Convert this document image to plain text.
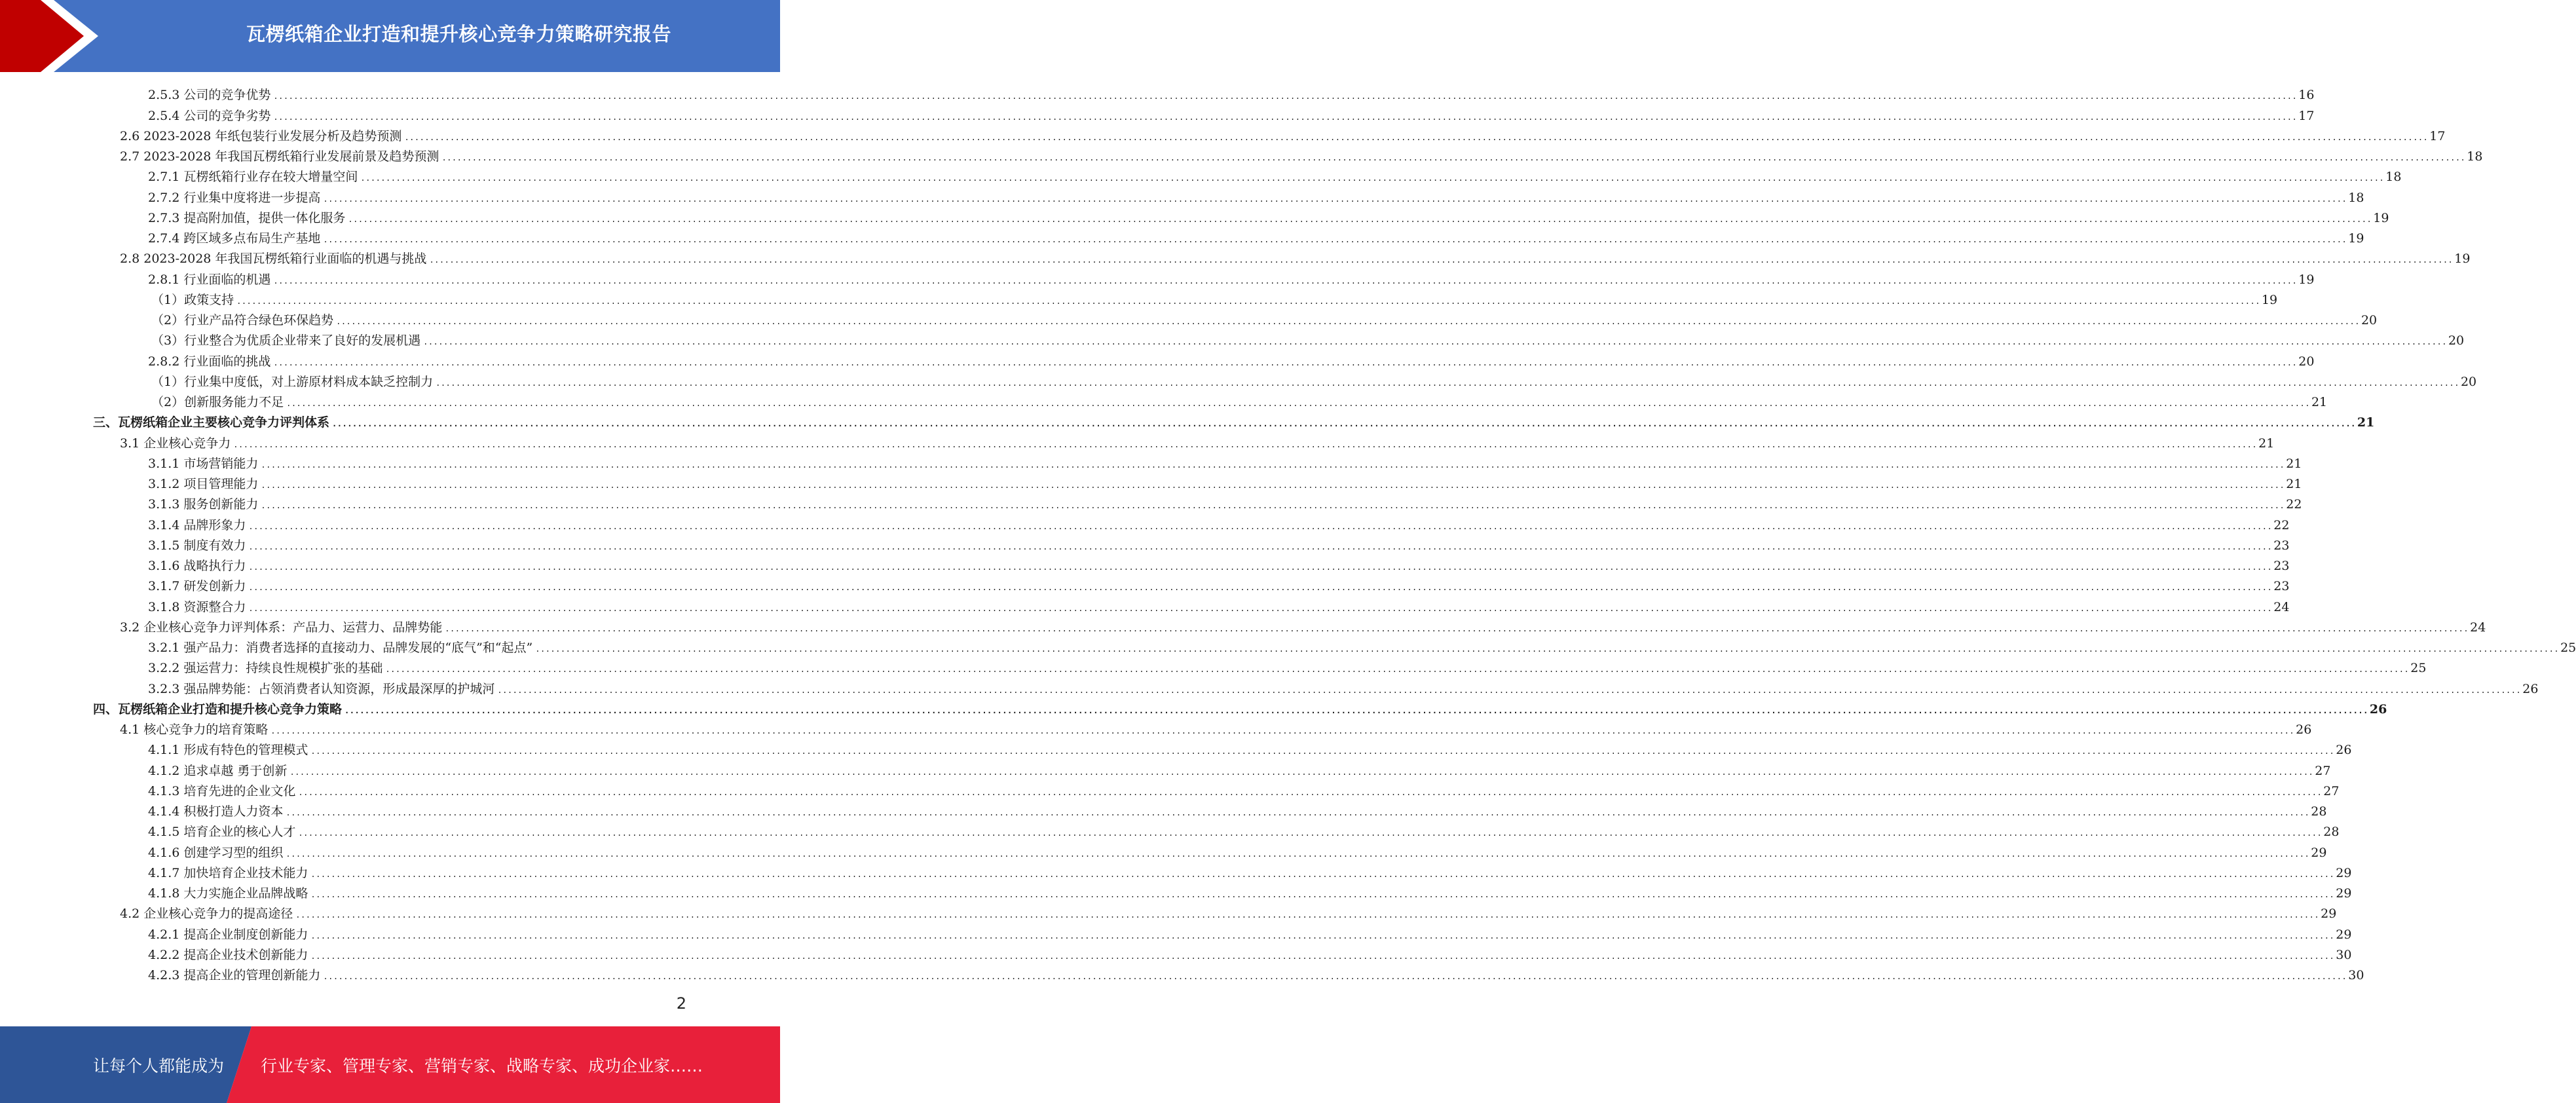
瓦楞纸箱企业打造和提升核心竞争力策略研究报告
2.5.3 公司的竞争优势 ................................................................................................................................................................................................................................................................................................................................................................................................................ 16
2.5.4 公司的竞争劣势 ................................................................................................................................................................................................................................................................................................................................................................................................................ 17
2.6 2023-2028 年纸包装行业发展分析及趋势预测 ................................................................................................................................................................................................................................................................................................................................................................................................................ 17
2.7 2023-2028 年我国瓦楞纸箱行业发展前景及趋势预测 ................................................................................................................................................................................................................................................................................................................................................................................................................ 18
2.7.1 瓦楞纸箱行业存在较大增量空间 ................................................................................................................................................................................................................................................................................................................................................................................................................ 18
2.7.2 行业集中度将进一步提高 ................................................................................................................................................................................................................................................................................................................................................................................................................ 18
2.7.3 提高附加值，提供一体化服务 ................................................................................................................................................................................................................................................................................................................................................................................................................ 19
2.7.4 跨区域多点布局生产基地 ................................................................................................................................................................................................................................................................................................................................................................................................................ 19
2.8 2023-2028 年我国瓦楞纸箱行业面临的机遇与挑战 ................................................................................................................................................................................................................................................................................................................................................................................................................ 19
2.8.1 行业面临的机遇 ................................................................................................................................................................................................................................................................................................................................................................................................................ 19
（1）政策支持 ................................................................................................................................................................................................................................................................................................................................................................................................................ 19
（2）行业产品符合绿色环保趋势 ................................................................................................................................................................................................................................................................................................................................................................................................................ 20
（3）行业整合为优质企业带来了良好的发展机遇 ................................................................................................................................................................................................................................................................................................................................................................................................................ 20
2.8.2 行业面临的挑战 ................................................................................................................................................................................................................................................................................................................................................................................................................ 20
（1）行业集中度低，对上游原材料成本缺乏控制力 ................................................................................................................................................................................................................................................................................................................................................................................................................ 20
（2）创新服务能力不足 ................................................................................................................................................................................................................................................................................................................................................................................................................ 21
三、瓦楞纸箱企业主要核心竞争力评判体系 ................................................................................................................................................................................................................................................................................................................................................................................................................ 21
3.1 企业核心竞争力 ................................................................................................................................................................................................................................................................................................................................................................................................................ 21
3.1.1 市场营销能力 ................................................................................................................................................................................................................................................................................................................................................................................................................ 21
3.1.2 项目管理能力 ................................................................................................................................................................................................................................................................................................................................................................................................................ 21
3.1.3 服务创新能力 ................................................................................................................................................................................................................................................................................................................................................................................................................ 22
3.1.4 品牌形象力 ................................................................................................................................................................................................................................................................................................................................................................................................................ 22
3.1.5 制度有效力 ................................................................................................................................................................................................................................................................................................................................................................................................................ 23
3.1.6 战略执行力 ................................................................................................................................................................................................................................................................................................................................................................................................................ 23
3.1.7 研发创新力 ................................................................................................................................................................................................................................................................................................................................................................................................................ 23
3.1.8 资源整合力 ................................................................................................................................................................................................................................................................................................................................................................................................................ 24
3.2 企业核心竞争力评判体系：产品力、运营力、品牌势能 ................................................................................................................................................................................................................................................................................................................................................................................................................ 24
3.2.1 强产品力：消费者选择的直接动力、品牌发展的“底气”和“起点” ................................................................................................................................................................................................................................................................................................................................................................................................................ 25
3.2.2 强运营力：持续良性规模扩张的基础 ................................................................................................................................................................................................................................................................................................................................................................................................................ 25
3.2.3 强品牌势能：占领消费者认知资源，形成最深厚的护城河 ................................................................................................................................................................................................................................................................................................................................................................................................................ 26
四、瓦楞纸箱企业打造和提升核心竞争力策略 ................................................................................................................................................................................................................................................................................................................................................................................................................ 26
4.1 核心竞争力的培育策略 ................................................................................................................................................................................................................................................................................................................................................................................................................ 26
4.1.1 形成有特色的管理模式 ................................................................................................................................................................................................................................................................................................................................................................................................................ 26
4.1.2 追求卓越 勇于创新 ................................................................................................................................................................................................................................................................................................................................................................................................................ 27
4.1.3 培育先进的企业文化 ................................................................................................................................................................................................................................................................................................................................................................................................................ 27
4.1.4 积极打造人力资本 ................................................................................................................................................................................................................................................................................................................................................................................................................ 28
4.1.5 培育企业的核心人才 ................................................................................................................................................................................................................................................................................................................................................................................................................ 28
4.1.6 创建学习型的组织 ................................................................................................................................................................................................................................................................................................................................................................................................................ 29
4.1.7 加快培育企业技术能力 ................................................................................................................................................................................................................................................................................................................................................................................................................ 29
4.1.8 大力实施企业品牌战略 ................................................................................................................................................................................................................................................................................................................................................................................................................ 29
4.2 企业核心竞争力的提高途径 ................................................................................................................................................................................................................................................................................................................................................................................................................ 29
4.2.1 提高企业制度创新能力 ................................................................................................................................................................................................................................................................................................................................................................................................................ 29
4.2.2 提高企业技术创新能力 ................................................................................................................................................................................................................................................................................................................................................................................................................ 30
4.2.3 提高企业的管理创新能力 ................................................................................................................................................................................................................................................................................................................................................................................................................ 30
2
让每个人都能成为 行业专家、管理专家、营销专家、战略专家、成功企业家……
